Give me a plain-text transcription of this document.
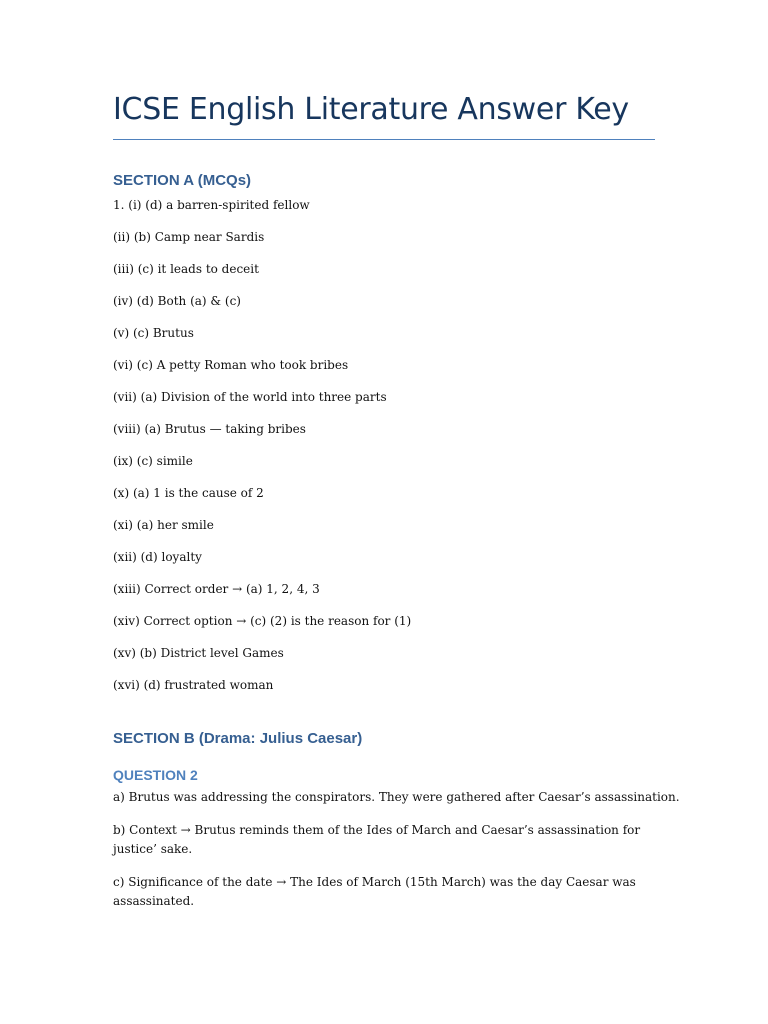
ICSE English Literature Answer Key
SECTION A (MCQs)
1. (i) (d) a barren-spirited fellow
(ii) (b) Camp near Sardis
(iii) (c) it leads to deceit
(iv) (d) Both (a) & (c)
(v) (c) Brutus
(vi) (c) A petty Roman who took bribes
(vii) (a) Division of the world into three parts
(viii) (a) Brutus — taking bribes
(ix) (c) simile
(x) (a) 1 is the cause of 2
(xi) (a) her smile
(xii) (d) loyalty
(xiii) Correct order → (a) 1, 2, 4, 3
(xiv) Correct option → (c) (2) is the reason for (1)
(xv) (b) District level Games
(xvi) (d) frustrated woman
SECTION B (Drama: Julius Caesar)
QUESTION 2
a) Brutus was addressing the conspirators. They were gathered after Caesar’s assassination.
b) Context → Brutus reminds them of the Ides of March and Caesar’s assassination for justice’ sake.
c) Significance of the date → The Ides of March (15th March) was the day Caesar was assassinated.
